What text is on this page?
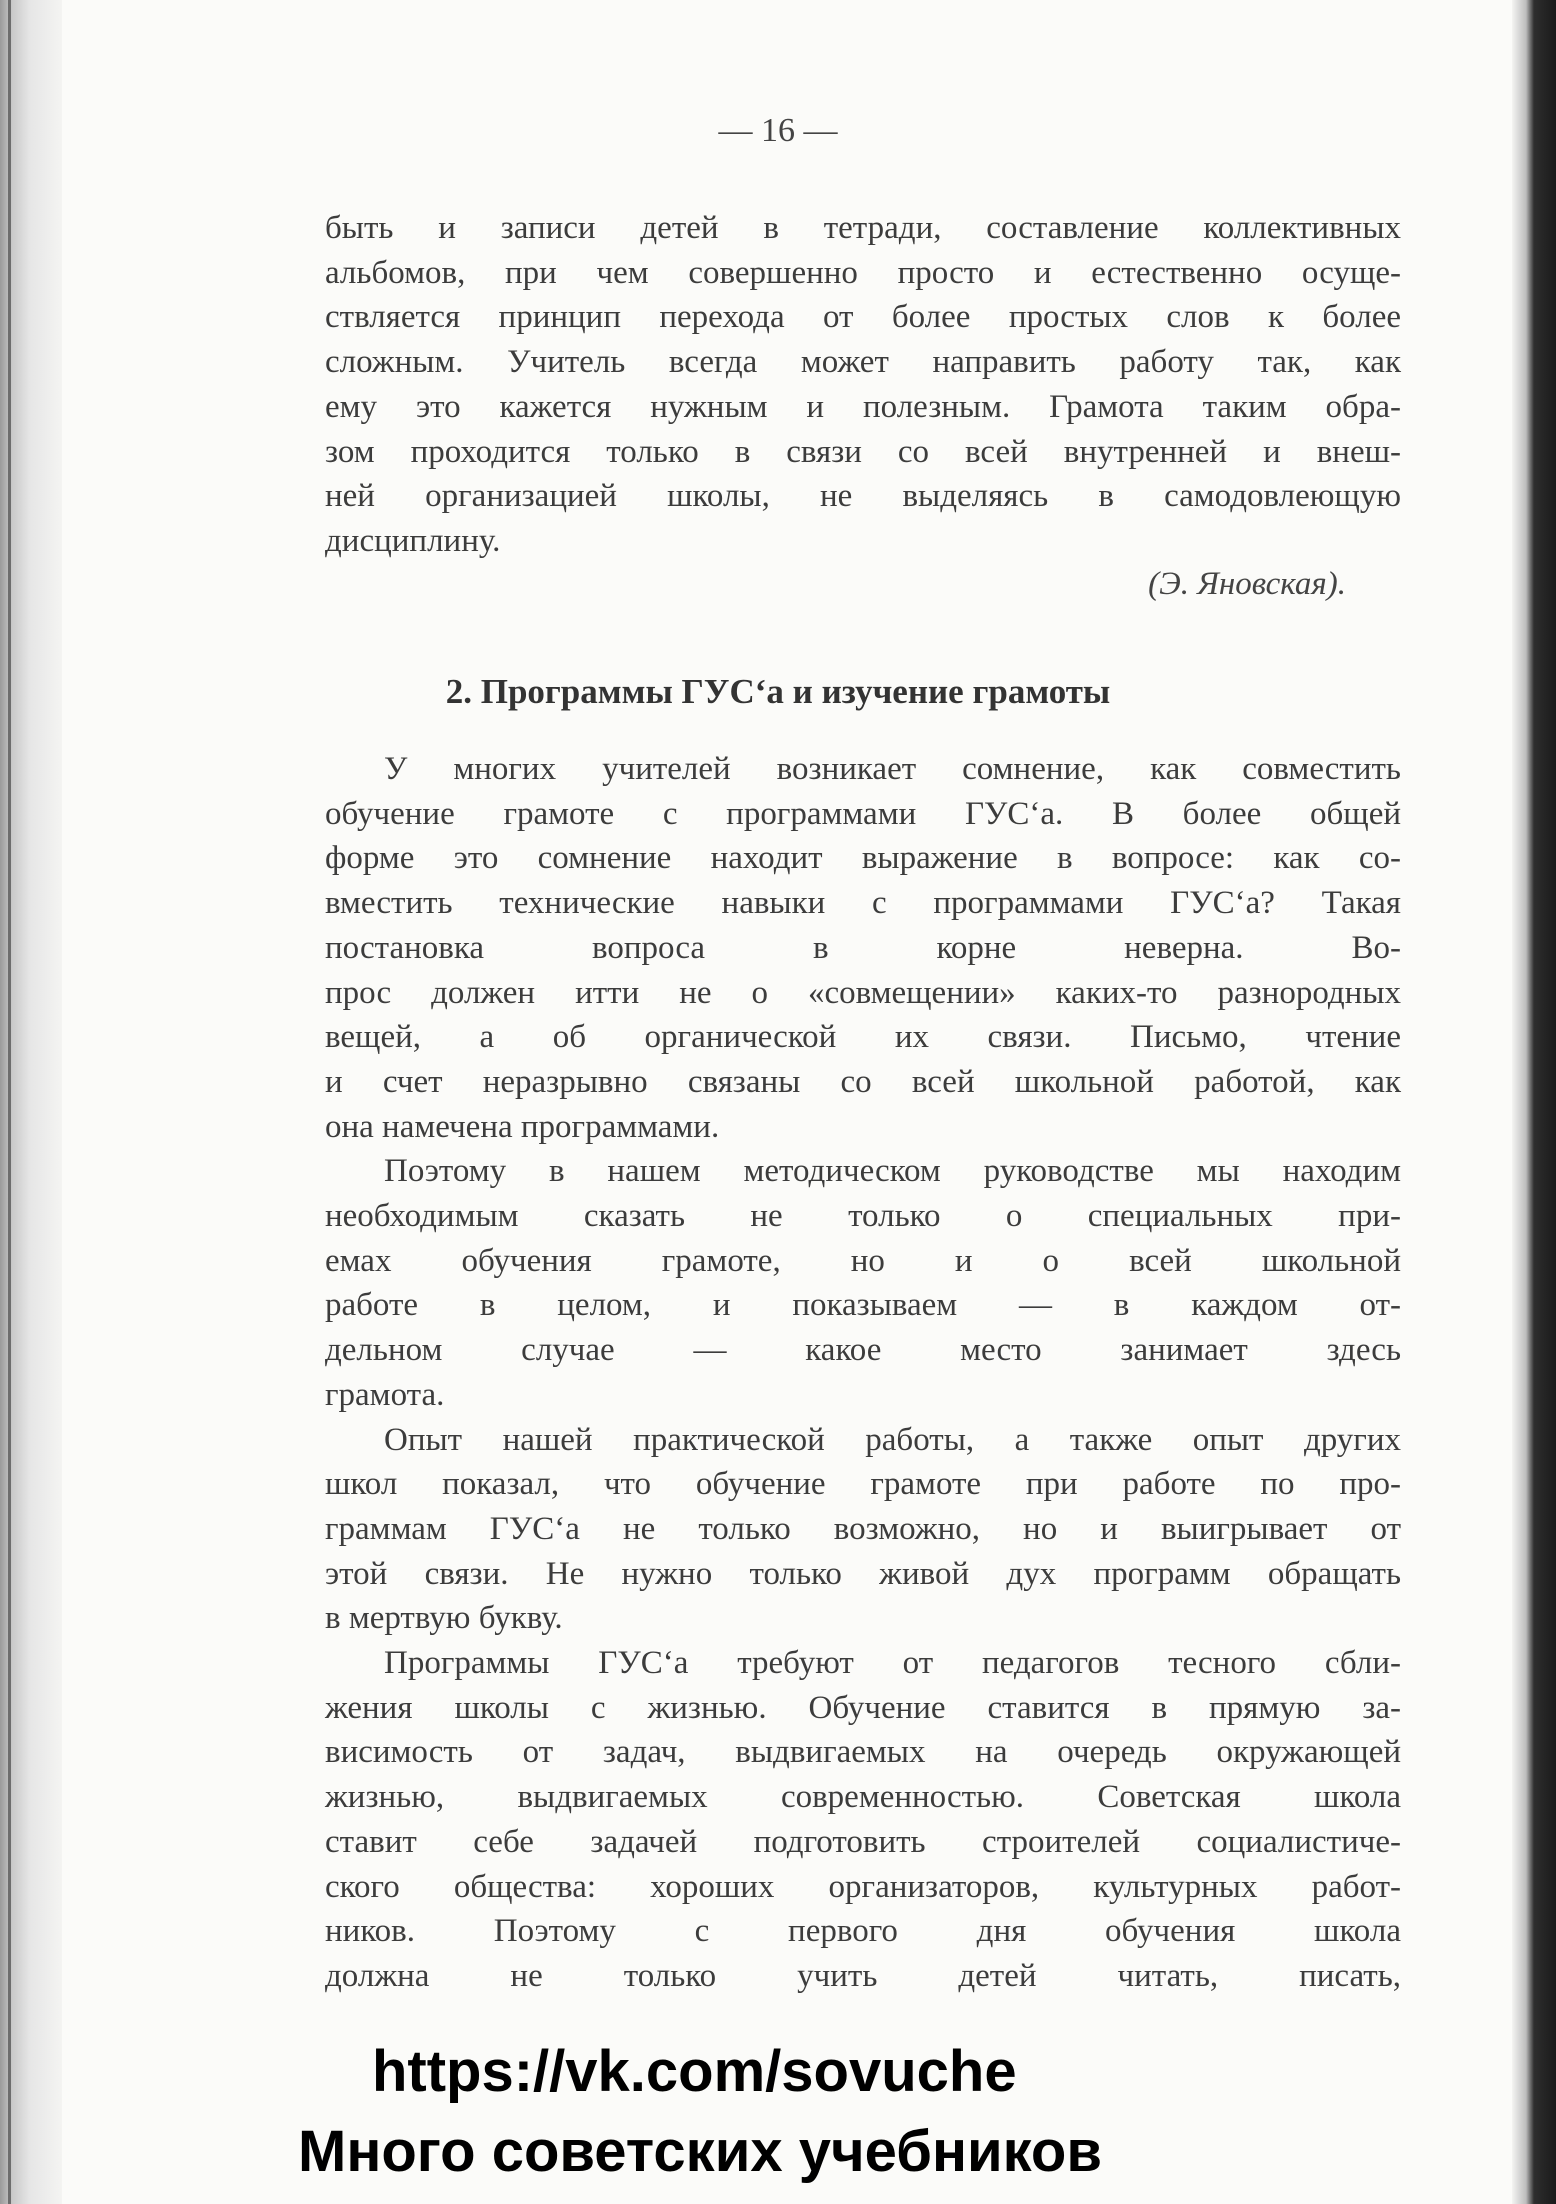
— 16 —
быть и записи детей в тетради, составление коллективных
альбомов, при чем совершенно просто и естественно осуще-
ствляется принцип перехода от более простых слов к более
сложным. Учитель всегда может направить работу так, как
ему это кажется нужным и полезным. Грамота таким обра-
зом проходится только в связи со всей внутренней и внеш-
ней организацией школы, не выделяясь в самодовлеющую
дисциплину.
У многих учителей возникает сомнение, как совместить
обучение грамоте с программами ГУС‘а. В более общей
форме это сомнение находит выражение в вопросе: как со-
вместить технические навыки с программами ГУС‘а? Такая
постановка вопроса в корне неверна. Во-
прос должен итти не о «совмещении» каких-то разнородных
вещей, а об органической их связи. Письмо, чтение
и счет неразрывно связаны со всей школьной работой, как
она намечена программами.
Поэтому в нашем методическом руководстве мы находим
необходимым сказать не только о специальных при-
емах обучения грамоте, но и о всей школьной
работе в целом, и показываем — в каждом от-
дельном случае — какое место занимает здесь
грамота.
Опыт нашей практической работы, а также опыт других
школ показал, что обучение грамоте при работе по про-
граммам ГУС‘а не только возможно, но и выигрывает от
этой связи. Не нужно только живой дух программ обращать
в мертвую букву.
Программы ГУС‘а требуют от педагогов тесного сбли-
жения школы с жизнью. Обучение ставится в прямую за-
висимость от задач, выдвигаемых на очередь окружающей
жизнью, выдвигаемых современностью. Советская школа
ставит себе задачей подготовить строителей социалистиче-
ского общества: хороших организаторов, культурных работ-
ников. Поэтому с первого дня обучения школа
должна не только учить детей читать, писать,
(Э. Яновская).
2. Программы ГУС‘а и изучение грамоты
https://vk.com/sovuche
Много советских учебников
